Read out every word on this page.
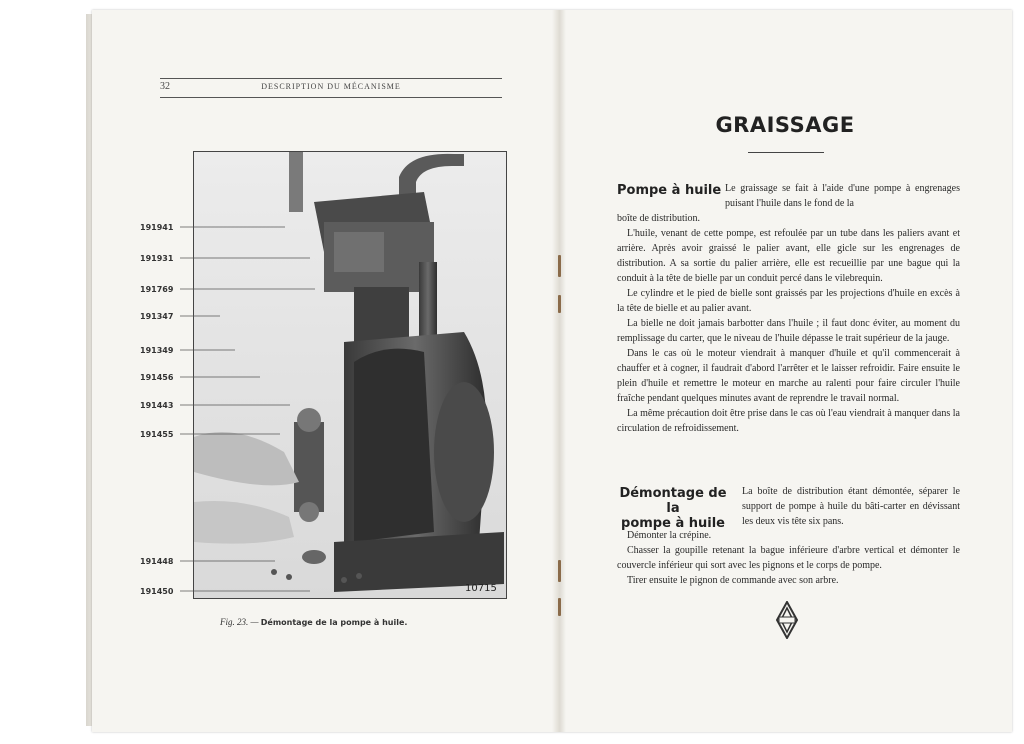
32	DESCRIPTION DU MÉCANISME
191941
191931
191769
191347
191349
191456
191443
191455
191448
191450	10715
Fig. 23. — Démontage de la pompe à huile.
GRAISSAGE
Pompe à huile Le graissage se fait à l'aide d'une pompe à engrenages puisant l'huile dans le fond de la

boîte de distribution.

L'huile, venant de cette pompe, est refoulée par un tube dans les paliers avant et arrière. Après avoir graissé le palier avant, elle gicle sur les engrenages de distribution. A sa sortie du palier arrière, elle est recueillie par une bague qui la conduit à la tête de bielle par un conduit percé dans le vilebrequin.

Le cylindre et le pied de bielle sont graissés par les projections d'huile en excès à la tête de bielle et au palier avant.

La bielle ne doit jamais barbotter dans l'huile ; il faut donc éviter, au moment du remplissage du carter, que le niveau de l'huile dépasse le trait supérieur de la jauge.

Dans le cas où le moteur viendrait à manquer d'huile et qu'il commencerait à chauffer et à cogner, il faudrait d'abord l'arrêter et le laisser refroidir. Faire ensuite le plein d'huile et remettre le moteur en marche au ralenti pour faire circuler l'huile fraîche pendant quelques minutes avant de reprendre le travail normal.

La même précaution doit être prise dans le cas où l'eau viendrait à manquer dans la circulation de refroidissement.

Démontage de la
pompe à huile

La boîte de distribution étant démontée, séparer le support de pompe à huile du bâti-carter en dévissant les deux vis tête six pans.

Démonter la crépine.

Chasser la goupille retenant la bague inférieure d'arbre vertical et démonter le couvercle inférieur qui sort avec les pignons et le corps de pompe.

Tirer ensuite le pignon de commande avec son arbre.
